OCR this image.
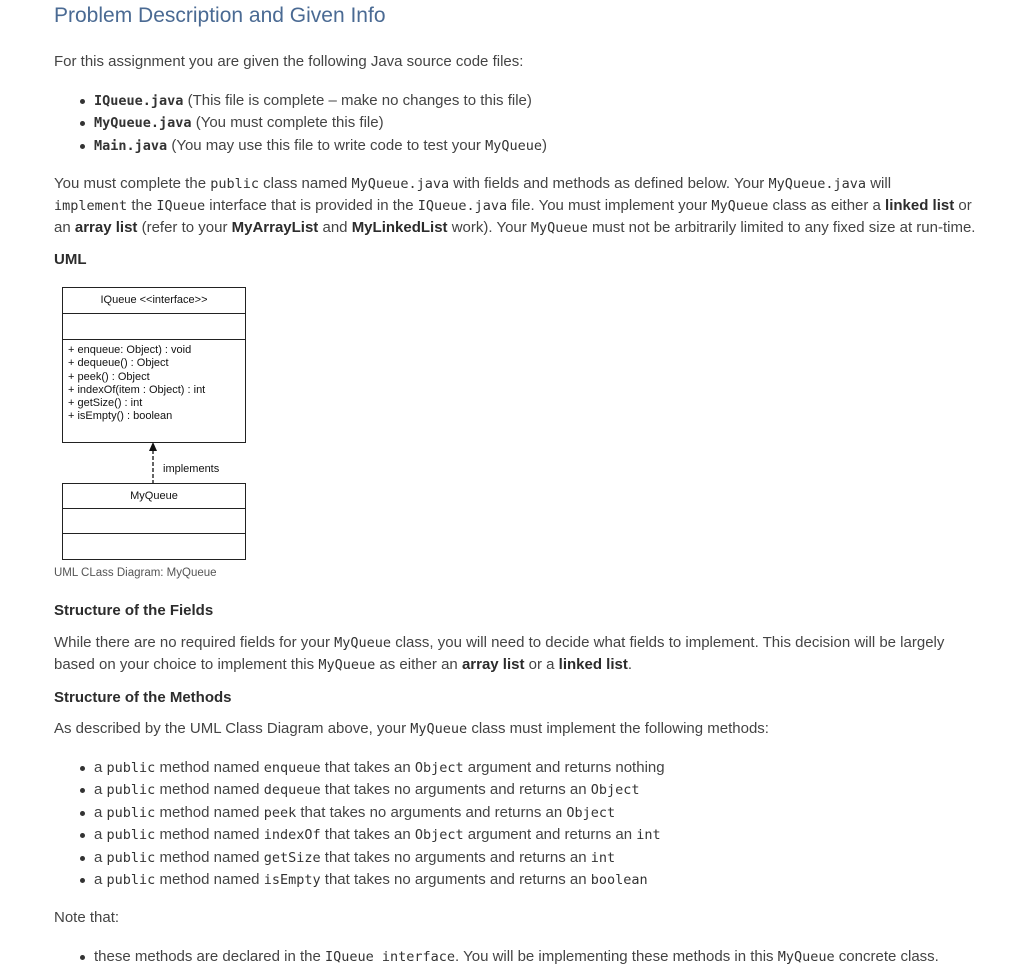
Problem Description and Given Info
For this assignment you are given the following Java source code files:
IQueue.java (This file is complete – make no changes to this file)
MyQueue.java (You must complete this file)
Main.java (You may use this file to write code to test your MyQueue)
You must complete the public class named MyQueue.java with fields and methods as defined below. Your MyQueue.java will
implement the IQueue interface that is provided in the IQueue.java file. You must implement your MyQueue class as either a linked list or
an array list (refer to your MyArrayList and MyLinkedList work). Your MyQueue must not be arbitrarily limited to any fixed size at run-time.
UML
IQueue <<interface>>
+ enqueue: Object) : void
+ dequeue() : Object
+ peek() : Object
+ indexOf(item : Object) : int
+ getSize() : int
+ isEmpty() : boolean
implements
MyQueue
UML CLass Diagram: MyQueue
Structure of the Fields
While there are no required fields for your MyQueue class, you will need to decide what fields to implement. This decision will be largely
based on your choice to implement this MyQueue as either an array list or a linked list.
Structure of the Methods
As described by the UML Class Diagram above, your MyQueue class must implement the following methods:
a public method named enqueue that takes an Object argument and returns nothing
a public method named dequeue that takes no arguments and returns an Object
a public method named peek that takes no arguments and returns an Object
a public method named indexOf that takes an Object argument and returns an int
a public method named getSize that takes no arguments and returns an int
a public method named isEmpty that takes no arguments and returns an boolean
Note that:
these methods are declared in the IQueue interface. You will be implementing these methods in this MyQueue concrete class.
